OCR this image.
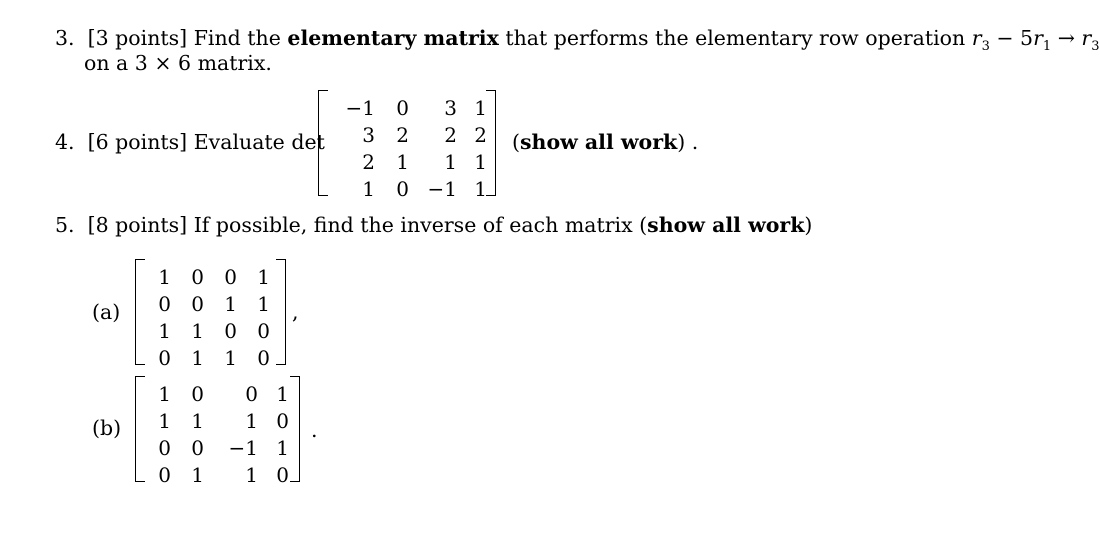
3. [3 points] Find the elementary matrix that performs the elementary row operation $r_3 - 5r_1 \to r_3$
on a 3 × 6 matrix.
4. [6 points] Evaluate det
−1	0	3	1
3	2	2	2
2	1	1	1
1	0	−1	1
(show all work) .
5. [8 points] If possible, find the inverse of each matrix (show all work)
(a)
1	0	0	1
0	0	1	1
1	1	0	0
0	1	1	0
,
(b)
1	0	0	1
1	1	1	0
0	0	−1	1
0	1	1	0
.
